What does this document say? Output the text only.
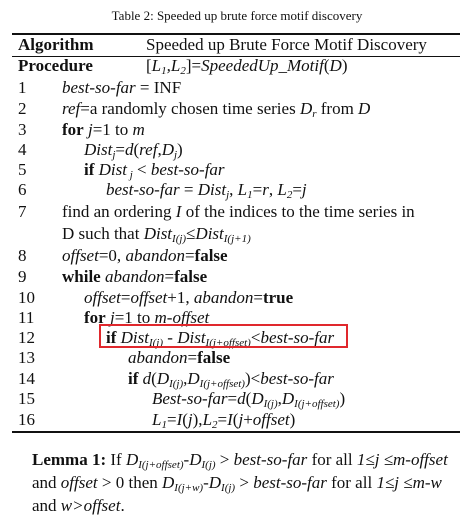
Table 2: Speeded up brute force motif discovery
Algorithm	Speeded up Brute Force Motif Discovery
Procedure	$[L_1,L_2]=SpeededUp\_Motif(D)$
1
2
3
4
5
6
7
8
9
10
11
12
13
14
15
16
best-so-far = INF
ref=a randomly chosen time series $D_r$ from D
for j=1 to m
$Dist_j=d(ref,D_j)$
if Dist $_j$ < best-so-far
best-so-far = Dist$_j$, $L_1=r$, $L_2=j$
find an ordering I of the indices to the time series in
D such that Dist$_{I(j)}$≤Dist$_{I(j+1)}$
offset=0, abandon=false
while abandon=false
offset=offset+1, abandon=true
for j=1 to m-offset
if Dist$_{I(j)}$ - Dist$_{I(j+offset)}$<best-so-far
abandon=false
if $d(D_{I(j)},D_{I(j+offset)})<best-so$-far
Best-$so-far=d(D_{I(j)},D_{I(j+offset)})$
$L_1=I(j),L_2=I(j+offset)$
Lemma 1: If $D_{I(j+offset)}-D_{I(j)}$ > best-so-far for all 1≤j ≤m-offset and offset > 0 then $D_{I(j+w)}-D_{I(j)}$ > best-so-far for all 1≤j ≤m-w and w>offset.
